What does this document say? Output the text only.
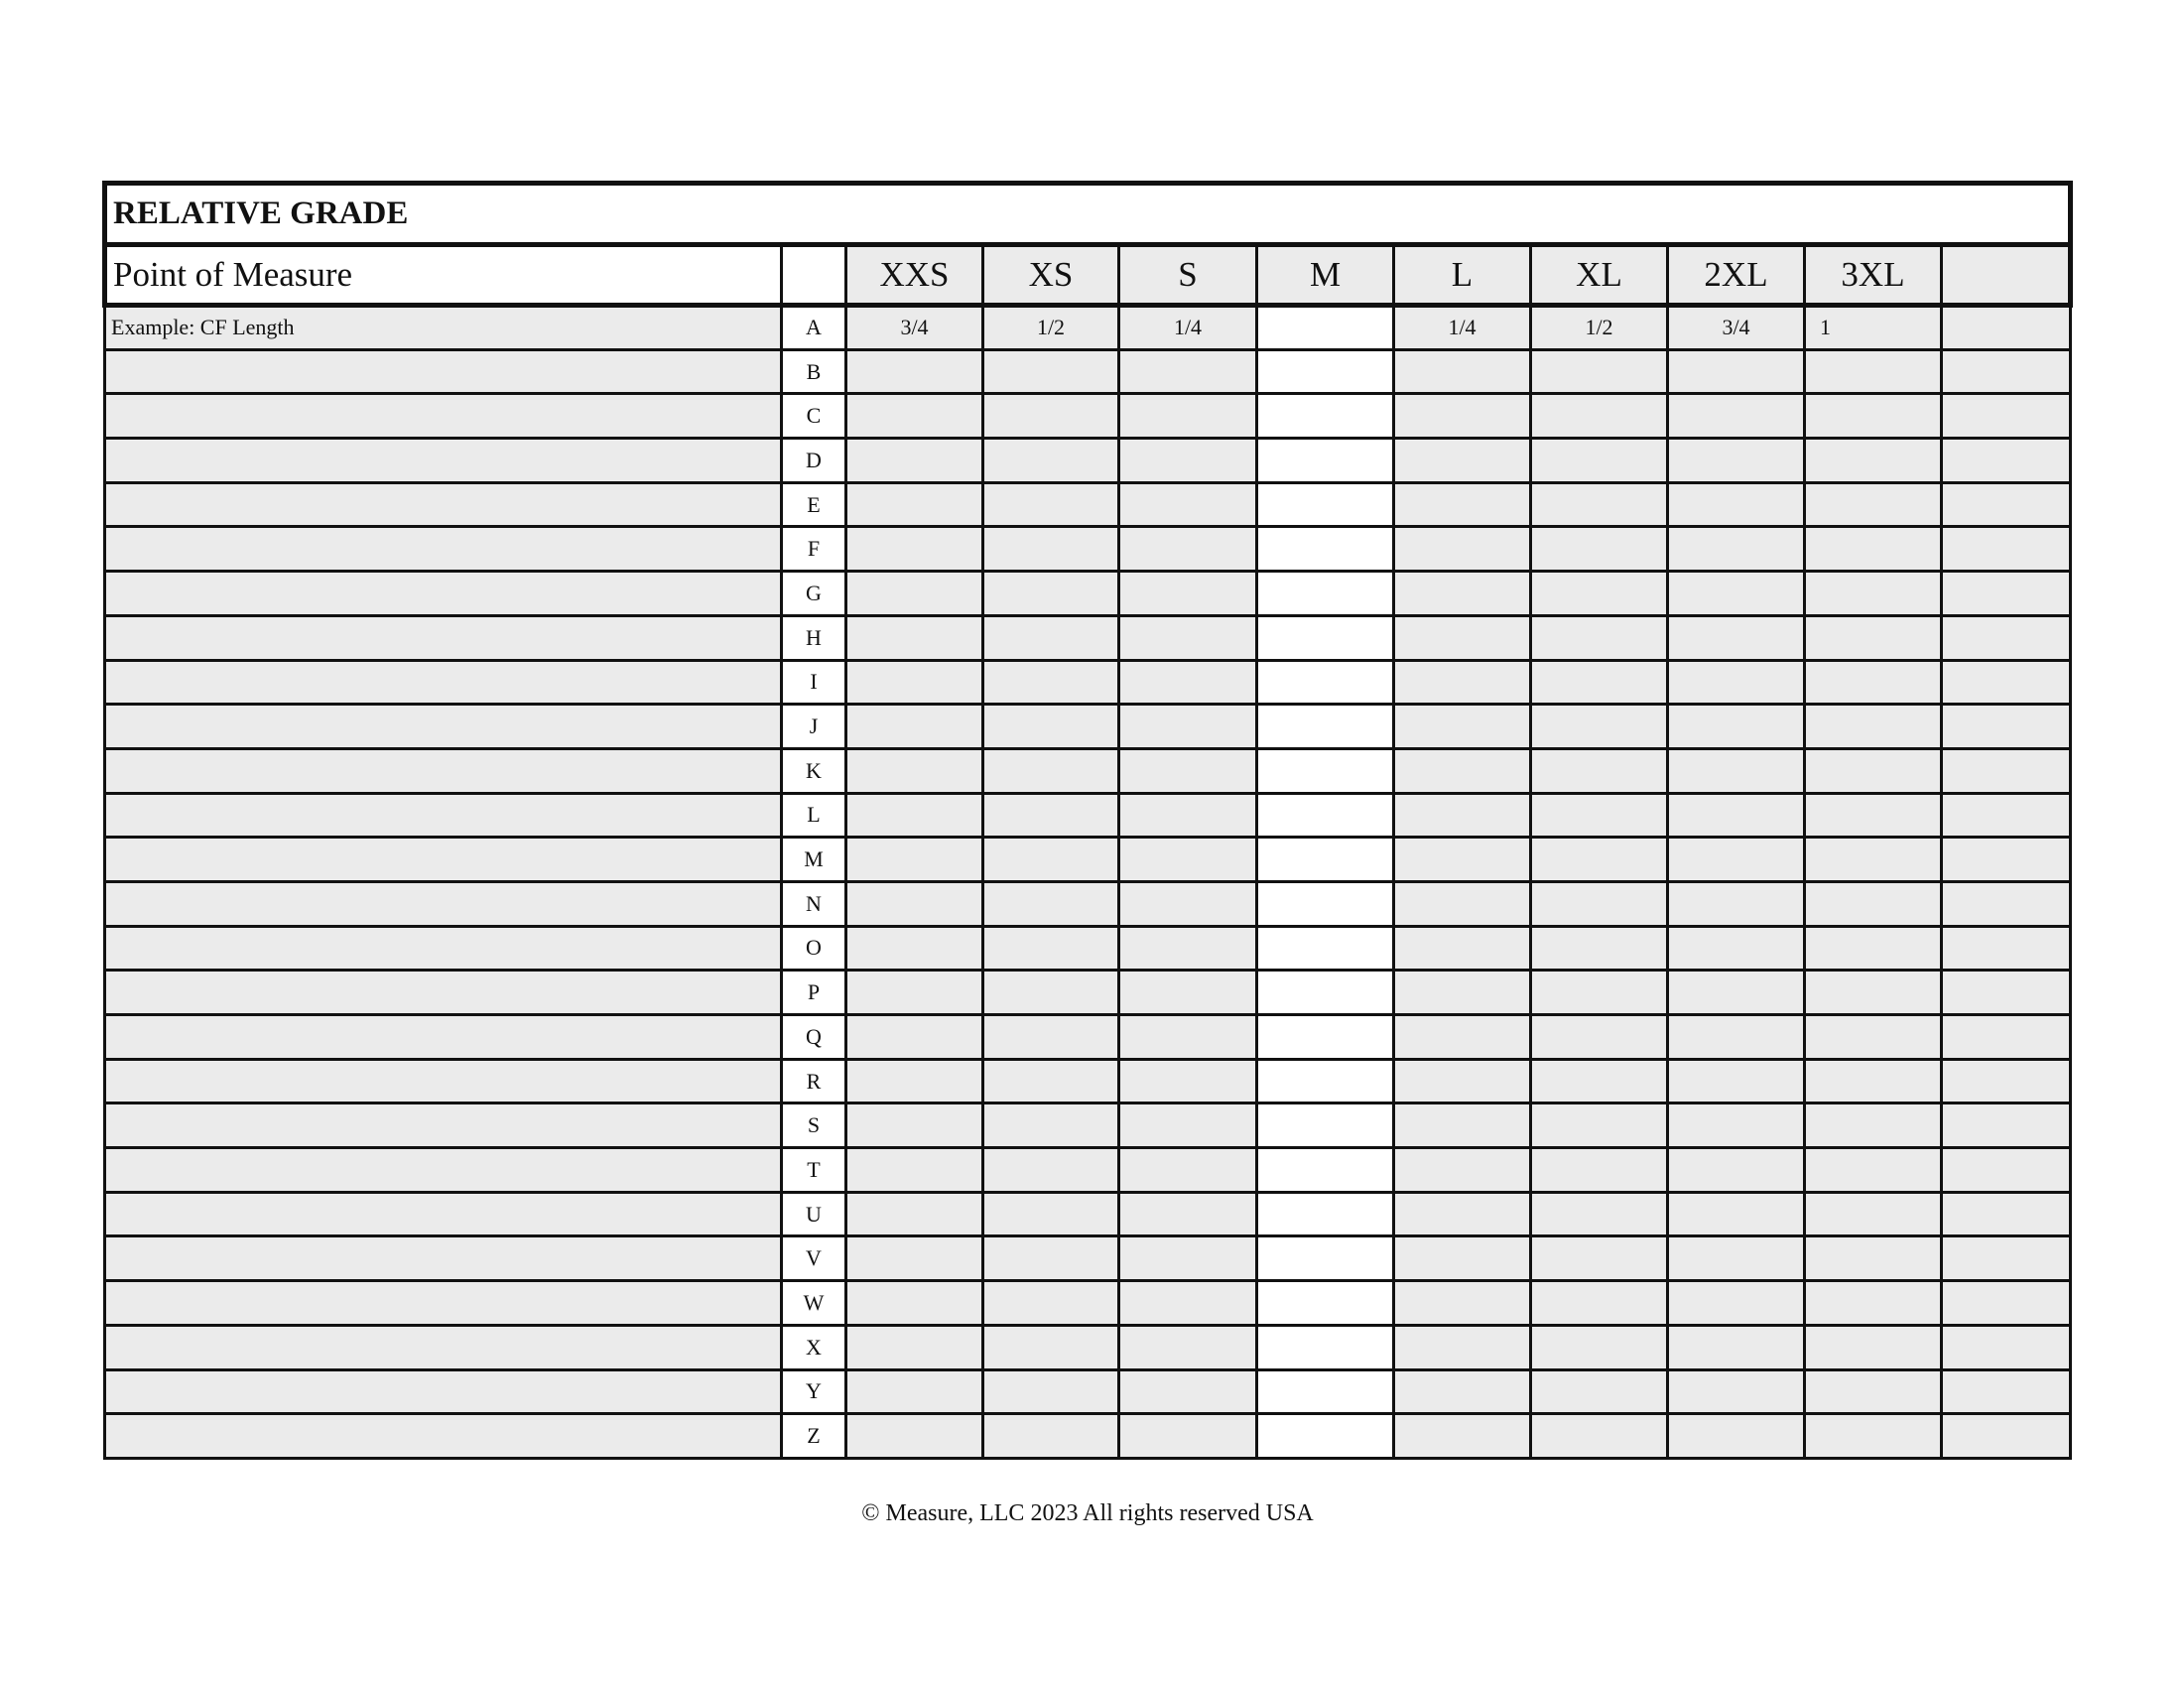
RELATIVE GRADE										
Point of Measure		XXS	XS	S	M	L	XL	2XL	3XL	
Example: CF Length	A	3/4	1/2	1/4		1/4	1/2	3/4	1	
	B									
	C									
	D									
	E									
	F									
	G									
	H									
	I									
	J									
	K									
	L									
	M									
	N									
	O									
	P									
	Q									
	R									
	S									
	T									
	U									
	V									
	W									
	X									
	Y									
	Z									
© Measure, LLC 2023 All rights reserved USA
